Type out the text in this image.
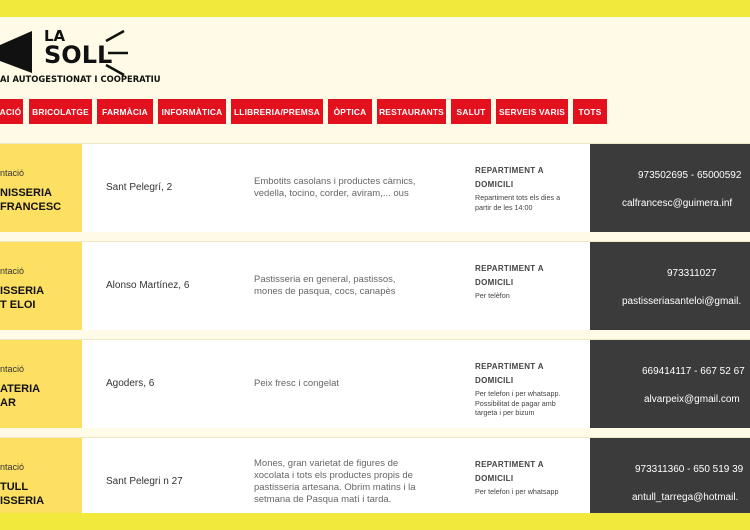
LA
SOLL
AI AUTOGESTIONAT I COOPERATIU
ACIÓ	BRICOLATGE	FARMÀCIA	INFORMÀTICA	LLIBRERIA/PREMSA	ÒPTICA	RESTAURANTS	SALUT	SERVEIS VARIS	TOTS
ntació
NISSERIA
FRANCESC
Sant Pelegrí, 2
Embotits casolans i productes càrnics, vedella, tocino, corder, aviram,... ous
REPARTIMENT A DOMICILI
Repartiment tots els dies a partir de les 14:00
973502695 - 65000592
calfrancesc@guimera.inf
ntació
ISSERIA
T ELOI
Alonso Martínez, 6
Pastisseria en general, pastissos, mones de pasqua, cocs, canapès
REPARTIMENT A DOMICILI
Per telèfon
973311027
pastisseriasanteloi@gmail.
ntació
ATERIA
AR
Agoders, 6	Peix fresc i congelat
REPARTIMENT A DOMICILI
Per telefon i per whatsapp. Possibilitat de pagar amb targeta i per bizum
669414117 - 667 52 67
alvarpeix@gmail.com
ntació
TULL
ISSERIA
Sant Pelegri n 27
Mones, gran varietat de figures de xocolata i tots els productes propis de pastisseria artesana. Obrim matins i la setmana de Pasqua matí i tarda.
REPARTIMENT A DOMICILI
Per telefon i per whatsapp
973311360 - 650 519 39
antull_tarrega@hotmail.
